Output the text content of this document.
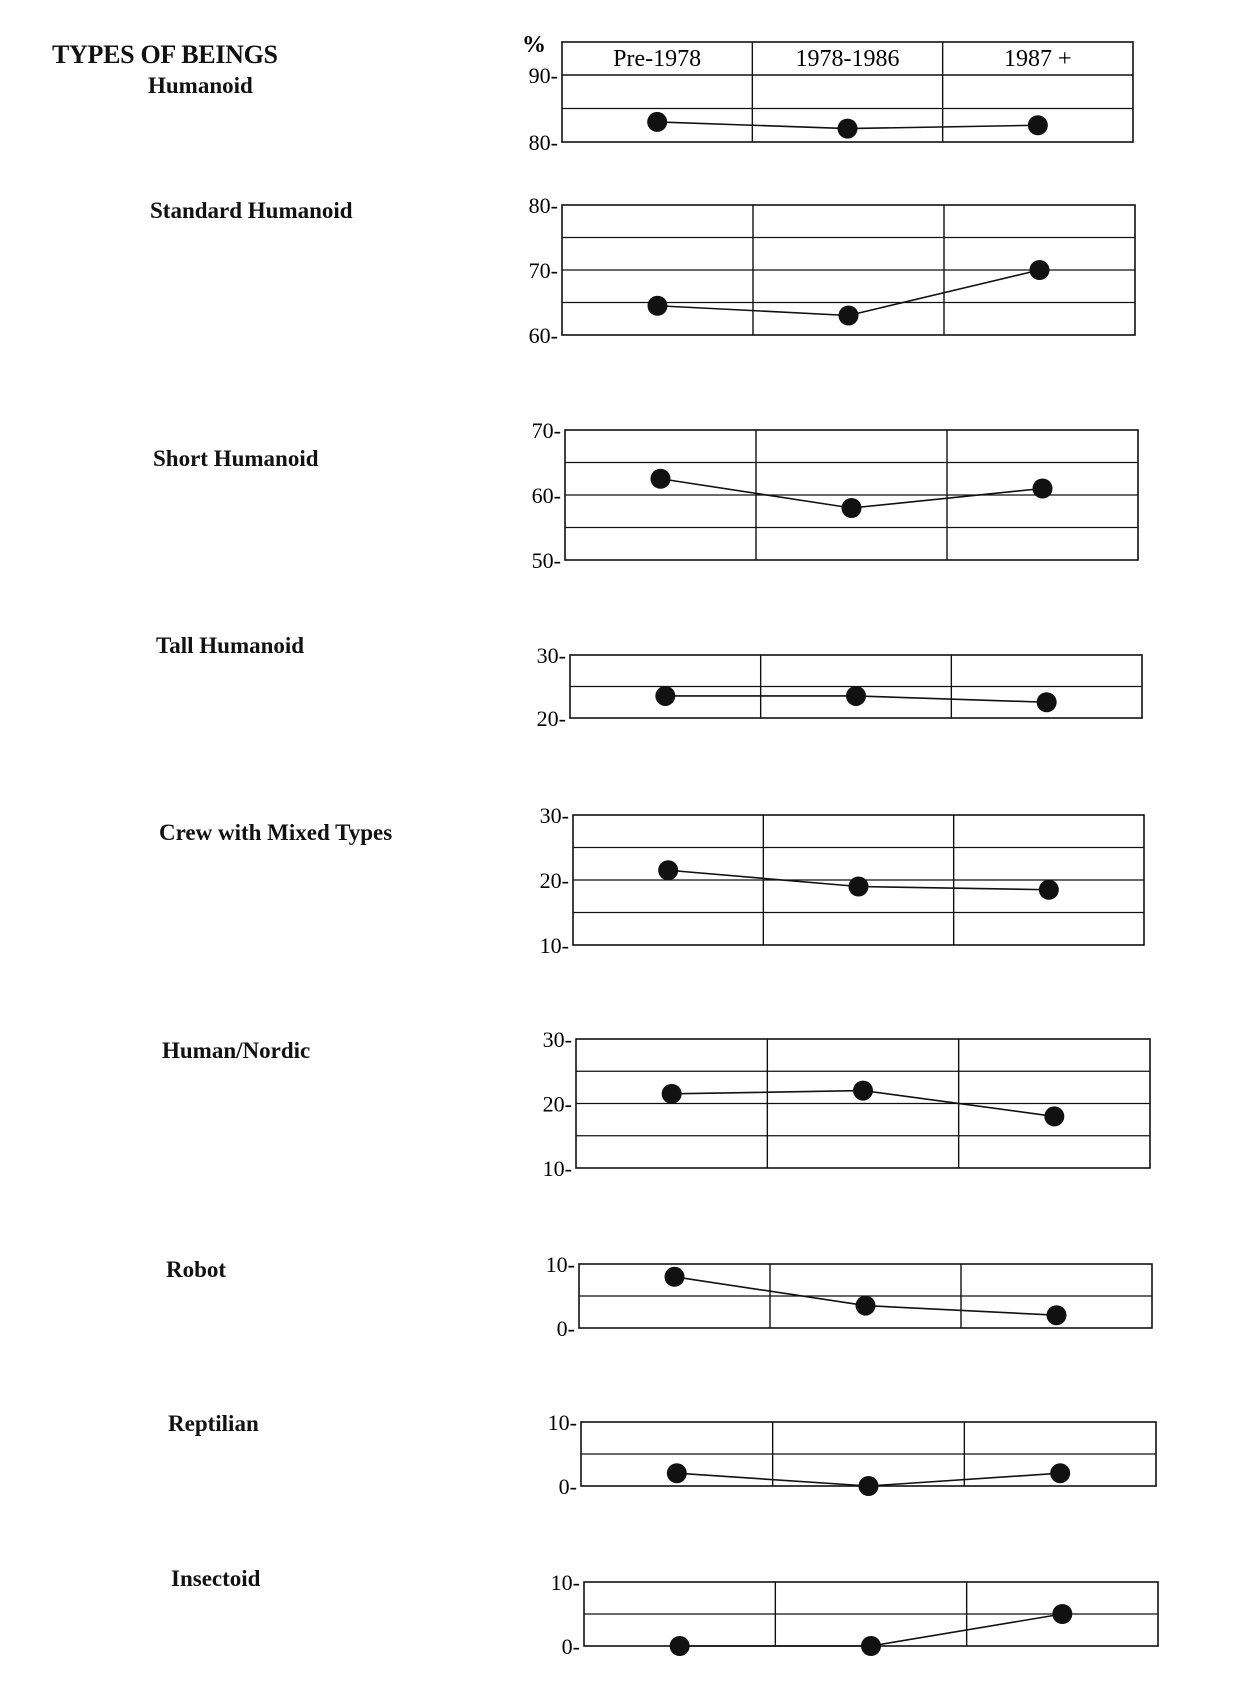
TYPES OF BEINGS
Humanoid
Standard Humanoid
Short Humanoid
Tall Humanoid
Crew with Mixed Types
Human/Nordic
Robot
Reptilian
Insectoid
%
Pre-1978	1978-1986	1987 +
90-
80-
80-
70-
60-
70-
60-
50-
30-
20-
30-
20-
10-
30-
20-
10-
10-
0-
10-
0-
10-
0-
